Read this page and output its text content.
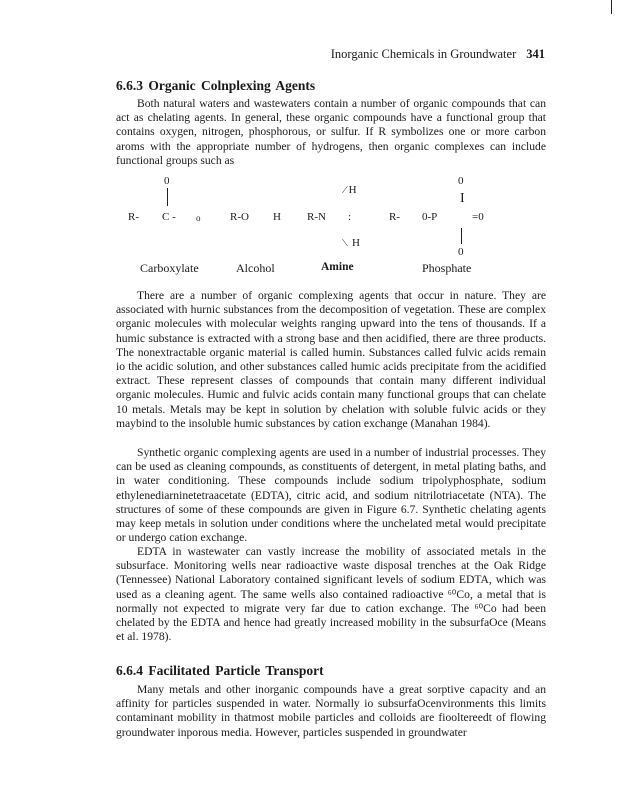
Inorganic Chemicals in Groundwater 341
6.6.3 Organic Colnplexing Agents

Both natural waters and wastewaters contain a number of organic compounds that can act as chelating agents. In general, these organic compounds have a functional group that contains oxygen, nitrogen, phosphorous, or sulfur. If R symbolizes one or more carbon aroms with the appropriate number of hydrogens, then organic complexes can include functional groups such as

0
R- C - o
Carboxylate
R-O H
Alcohol
⁄ H
R-N :
⁄ H
Amine
0
I
R- 0-P	=0
0
Phosphate

There are a number of organic complexing agents that occur in nature. They are associated with hurnic substances from the decomposition of vegetation. These are complex organic molecules with molecular weights ranging upward into the tens of thousands. If a humic substance is extracted with a strong base and then acidified, there are three products. The nonextractable organic material is called humin. Substances called fulvic acids remain io the acidic solution, and other substances called humic acids precipitate from the acidified extract. These represent classes of compounds that contain many different individual organic molecules. Humic and fulvic acids contain many functional groups that can chelate 10 metals. Metals may be kept in solution by chelation with soluble fulvic acids or they maybind to the insoluble humic substances by cation exchange (Manahan 1984).

Synthetic organic complexing agents are used in a number of industrial processes. They can be used as cleaning compounds, as constituents of detergent, in metal plating baths, and in water conditioning. These compounds include sodium tripolyphosphate, sodium ethylenediarninetetraacetate (EDTA), citric acid, and sodium nitrilotriacetate (NTA). The structures of some of these compounds are given in Figure 6.7. Synthetic chelating agents may keep metals in solution under conditions where the unchelated metal would precipitate or undergo cation exchange.

EDTA in wastewater can vastly increase the mobility of associated metals in the subsurface. Monitoring wells near radioactive waste disposal trenches at the Oak Ridge (Tennessee) National Laboratory contained significant levels of sodium EDTA, which was used as a cleaning agent. The same wells also contained radioactive ⁶⁰Co, a metal that is normally not expected to migrate very far due to cation exchange. The ⁶⁰Co had been chelated by the EDTA and hence had greatly increased mobility in the subsurfaOce (Means et al. 1978).

6.6.4 Facilitated Particle Transport

Many metals and other inorganic compounds have a great sorptive capacity and an affinity for particles suspended in water. Normally io subsurfaOcenvironments this limits contaminant mobility in thatmost mobile particles and colloids are fiooltereedt of flowing groundwater inporous media. However, particles suspended in groundwater
